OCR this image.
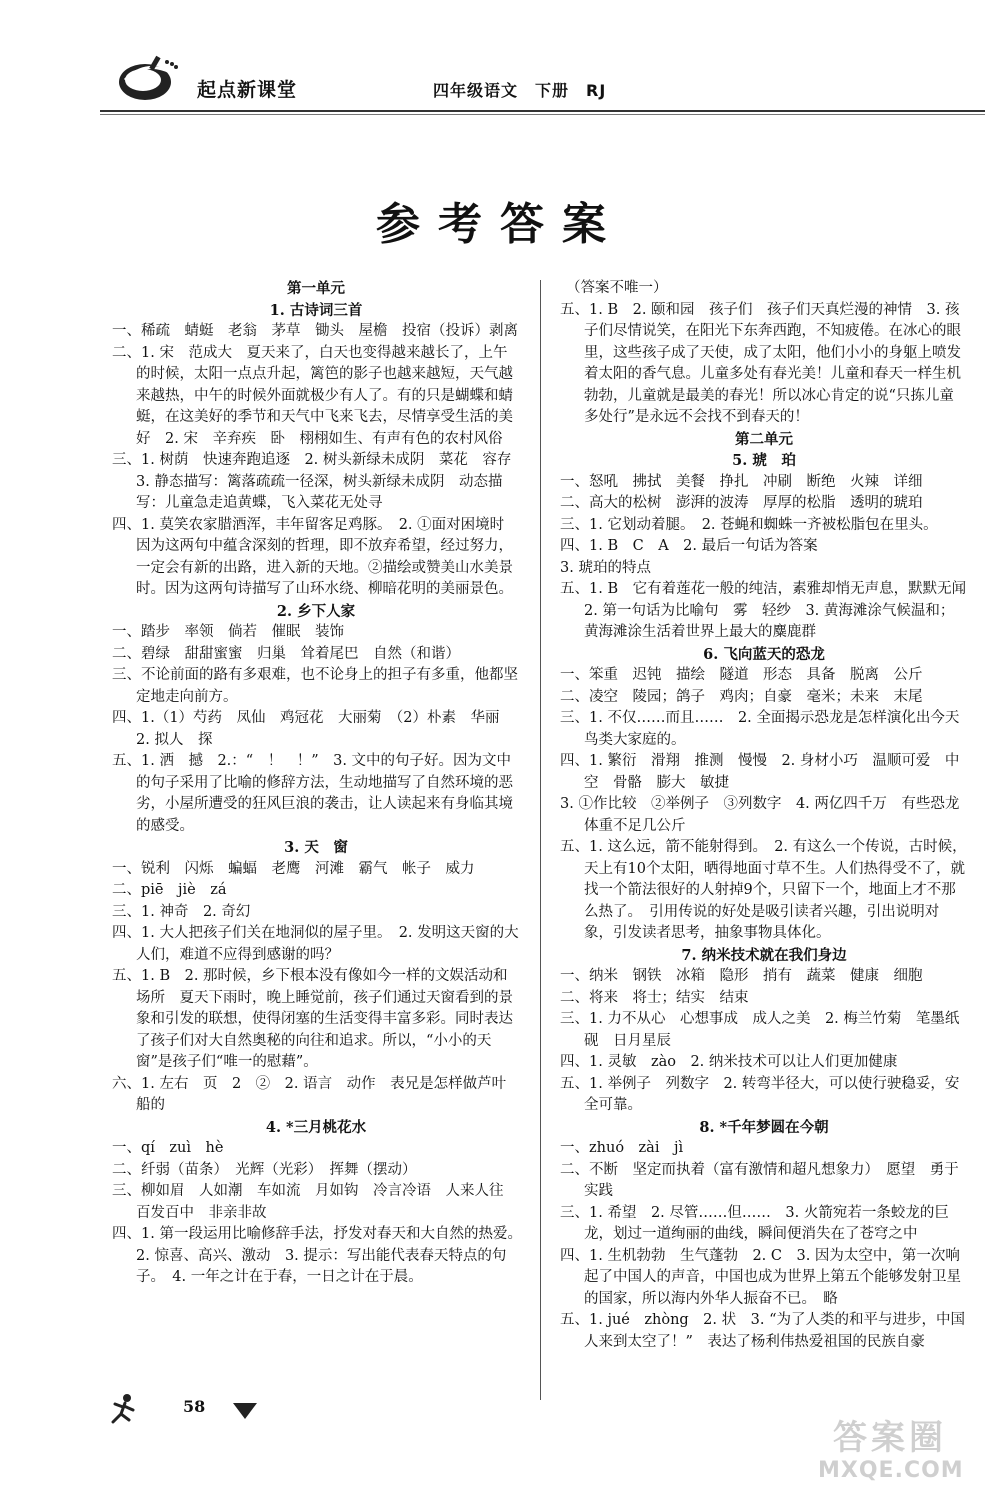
起点新课堂	四年级语文　下册　RJ
参考答案
第一单元
1. 古诗词三首
一、稀疏　蜻蜓　老翁　茅草　锄头　屋檐　投宿（投诉）剥离
二、1. 宋　范成大　夏天来了，白天也变得越来越长了，上午的时候，太阳一点点升起，篱笆的影子也越来越短，天气越来越热，中午的时候外面就极少有人了。有的只是蝴蝶和蜻蜓，在这美好的季节和天气中飞来飞去，尽情享受生活的美好　2. 宋　辛弃疾　卧　栩栩如生、有声有色的农村风俗
三、1. 树荫　快速奔跑追逐　2. 树头新绿未成阴　菜花　容存　3. 静态描写：篱落疏疏一径深，树头新绿未成阴　动态描写：儿童急走追黄蝶，飞入菜花无处寻
四、1. 莫笑农家腊酒浑，丰年留客足鸡豚。　2. ①面对困境时　因为这两句中蕴含深刻的哲理，即不放弃希望，经过努力，一定会有新的出路，进入新的天地。②描绘或赞美山水美景时。因为这两句诗描写了山环水绕、柳暗花明的美丽景色。
2. 乡下人家
一、踏步　率领　倘若　催眠　装饰
二、碧绿　甜甜蜜蜜　归巢　耸着尾巴　自然（和谐）
三、不论前面的路有多艰难，也不论身上的担子有多重，他都坚定地走向前方。
四、1.（1）芍药　凤仙　鸡冠花　大丽菊　（2）朴素　华丽　2. 拟人　探
五、1. 洒　撼　2.：“　！　！”　3. 文中的句子好。因为文中的句子采用了比喻的修辞方法，生动地描写了自然环境的恶劣，小屋所遭受的狂风巨浪的袭击，让人读起来有身临其境的感受。
3. 天　窗
一、锐利　闪烁　蝙蝠　老鹰　河滩　霸气　帐子　威力
二、piē　jiè　zá
三、1. 神奇　2. 奇幻
四、1. 大人把孩子们关在地洞似的屋子里。　2. 发明这天窗的大人们，难道不应得到感谢的吗？
五、1. B　2. 那时候，乡下根本没有像如今一样的文娱活动和场所　夏天下雨时，晚上睡觉前，孩子们通过天窗看到的景象和引发的联想，使得闭塞的生活变得丰富多彩。同时表达了孩子们对大自然奥秘的向往和追求。所以，“小小的天窗”是孩子们“唯一的慰藉”。
六、1. 左右　页　2　②　2. 语言　动作　表兄是怎样做芦叶船的
4. *三月桃花水
一、qí　zuì　hè
二、纤弱（苗条）　光辉（光彩）　挥舞（摆动）
三、柳如眉　人如潮　车如流　月如钩　冷言冷语　人来人往　百发百中　非亲非故
四、1. 第一段运用比喻修辞手法，抒发对春天和大自然的热爱。　2. 惊喜、高兴、激动　3. 提示：写出能代表春天特点的句子。　4. 一年之计在于春，一日之计在于晨。
（答案不唯一）
五、1. B　2. 颐和园　孩子们　孩子们天真烂漫的神情　3. 孩子们尽情说笑，在阳光下东奔西跑，不知疲倦。在冰心的眼里，这些孩子成了天使，成了太阳，他们小小的身躯上喷发着太阳的香气息。儿童多处有春光美！儿童和春天一样生机勃勃，儿童就是最美的春光！所以冰心肯定的说“只拣儿童多处行”是永远不会找不到春天的！
第二单元
5. 琥　珀
一、怒吼　拂拭　美餐　挣扎　冲刷　断绝　火辣　详细
二、高大的松树　澎湃的波涛　厚厚的松脂　透明的琥珀
三、1. 它划动着腿。　2. 苍蝇和蜘蛛一齐被松脂包在里头。
四、1. B　C　A　2. 最后一句话为答案
3. 琥珀的特点
五、1. B　它有着莲花一般的纯洁，素雅却悄无声息，默默无闻　2. 第一句话为比喻句　雾　轻纱　3. 黄海滩涂气候温和；黄海滩涂生活着世界上最大的麋鹿群
6. 飞向蓝天的恐龙
一、笨重　迟钝　描绘　隧道　形态　具备　脱离　公斤
二、凌空　陵园；鸽子　鸡肉；自豪　毫米；未来　末尾
三、1. 不仅……而且……　2. 全面揭示恐龙是怎样演化出今天鸟类大家庭的。
四、1. 繁衍　滑翔　推测　慢慢　2. 身材小巧　温顺可爱　中空　骨骼　膨大　敏捷
3. ①作比较　②举例子　③列数字　4. 两亿四千万　有些恐龙体重不足几公斤
五、1. 这么远，箭不能射得到。　2. 有这么一个传说，古时候，天上有10个太阳，晒得地面寸草不生。人们热得受不了，就找一个箭法很好的人射掉9个，只留下一个，地面上才不那么热了。　引用传说的好处是吸引读者兴趣，引出说明对象，引发读者思考，抽象事物具体化。
7. 纳米技术就在我们身边
一、纳米　钢铁　冰箱　隐形　捎有　蔬菜　健康　细胞
二、将来　将士；结实　结束
三、1. 力不从心　心想事成　成人之美　2. 梅兰竹菊　笔墨纸砚　日月星辰
四、1. 灵敏　zào　2. 纳米技术可以让人们更加健康
五、1. 举例子　列数字　2. 转弯半径大，可以使行驶稳妥，安全可靠。
8. *千年梦圆在今朝
一、zhuó　zài　jì
二、不断　坚定而执着（富有激情和超凡想象力）　愿望　勇于实践
三、1. 希望　2. 尽管……但……　3. 火箭宛若一条蛟龙的巨龙，划过一道绚丽的曲线，瞬间便消失在了苍穹之中
四、1. 生机勃勃　生气蓬勃　2. C　3. 因为太空中，第一次响起了中国人的声音，中国也成为世界上第五个能够发射卫星的国家，所以海内外华人振奋不已。　略
五、1. jué　zhòng　2. 状　3. “为了人类的和平与进步，中国人来到太空了！”　表达了杨利伟热爱祖国的民族自豪
58
答案圈
MXQE.COM
